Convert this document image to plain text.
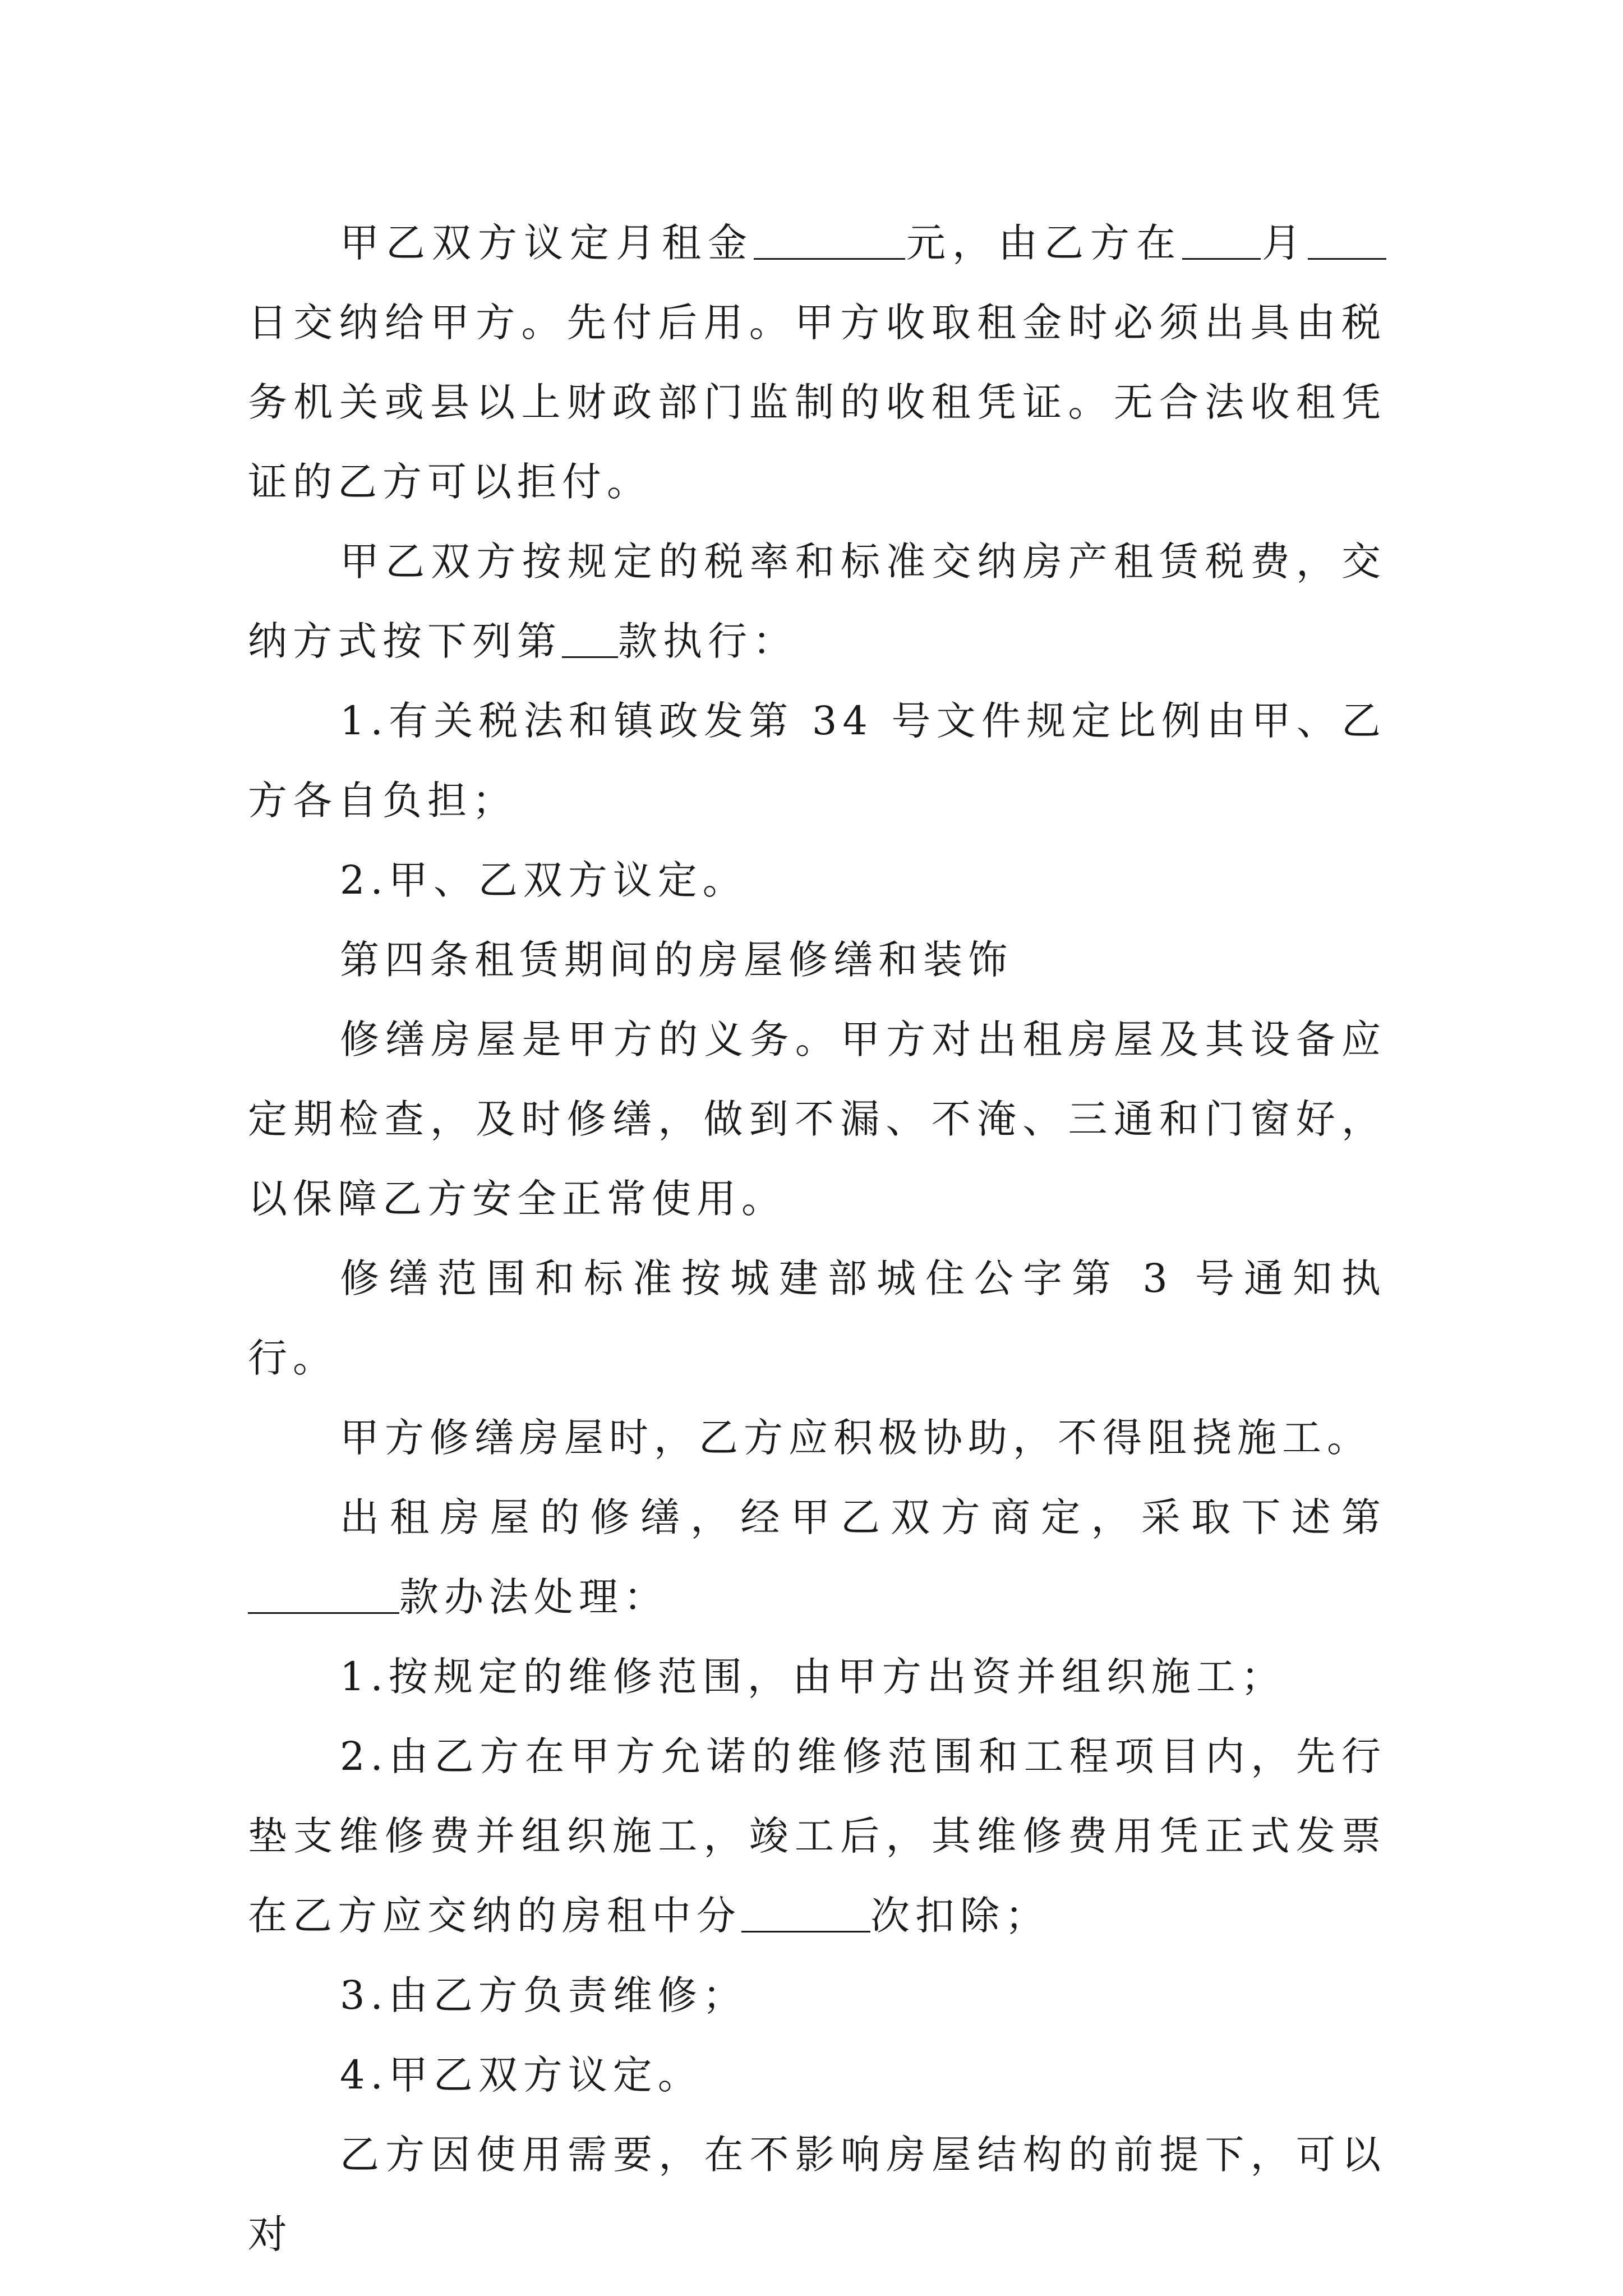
甲乙双方议定月租金	元，由乙方在 月日交纳给甲方。先付后用。甲方收取租金时必须出具由税务机关或县以上财政部门监制的收租凭证。无合法收租凭证的乙方可以拒付。

甲乙双方按规定的税率和标准交纳房产租赁税费，交纳方式按下列第 款执行：

1.有关税法和镇政发第 34 号文件规定比例由甲、乙方各自负担；

2.甲、乙双方议定。

第四条租赁期间的房屋修缮和装饰

修缮房屋是甲方的义务。甲方对出租房屋及其设备应定期检查，及时修缮，做到不漏、不淹、三通和门窗好，以保障乙方安全正常使用。

修缮范围和标准按城建部城住公字第 3 号通知执行。

甲方修缮房屋时，乙方应积极协助，不得阻挠施工。

出租房屋的修缮，经甲乙双方商定，采取下述第款办法处理：

1.按规定的维修范围，由甲方出资并组织施工；

2.由乙方在甲方允诺的维修范围和工程项目内，先行垫支维修费并组织施工，竣工后，其维修费用凭正式发票在乙方应交纳的房租中分	次扣除；

3.由乙方负责维修；

4.甲乙双方议定。

乙方因使用需要，在不影响房屋结构的前提下，可以对
